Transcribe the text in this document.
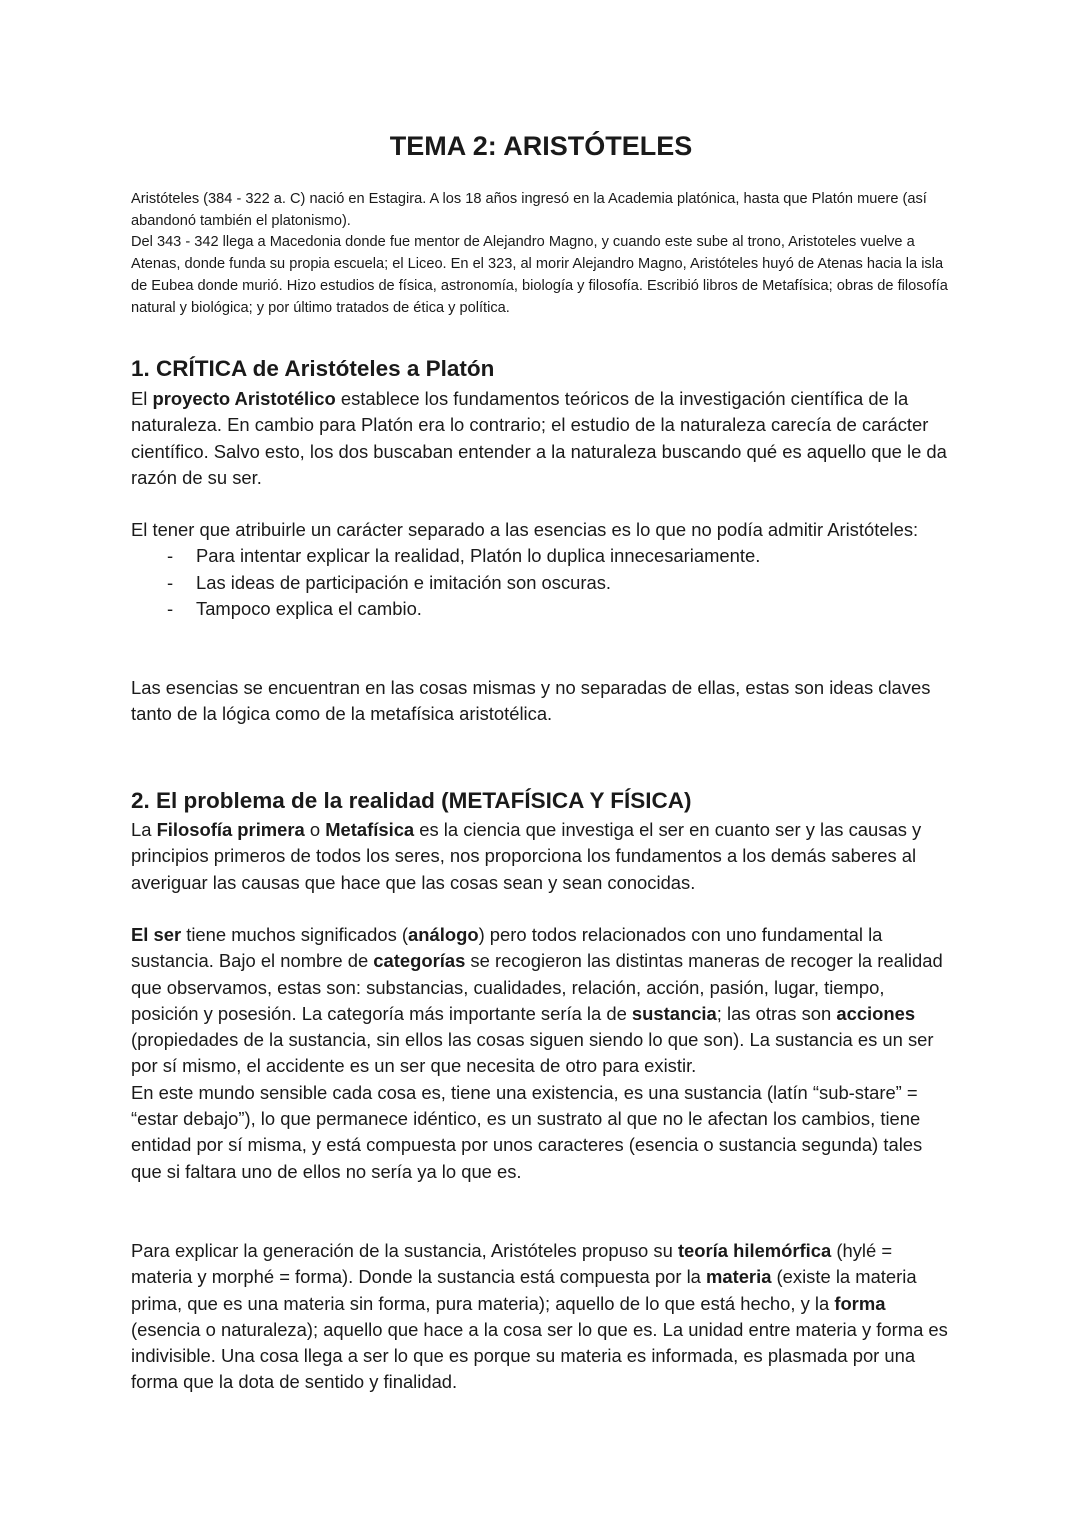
TEMA 2: ARISTÓTELES

Aristóteles (384 - 322 a. C) nació en Estagira. A los 18 años ingresó en la Academia platónica, hasta que Platón muere (así abandonó también el platonismo).

Del 343 - 342 llega a Macedonia donde fue mentor de Alejandro Magno, y cuando este sube al trono, Aristoteles vuelve a Atenas, donde funda su propia escuela; el Liceo. En el 323, al morir Alejandro Magno, Aristóteles huyó de Atenas hacia la isla de Eubea donde murió. Hizo estudios de física, astronomía, biología y filosofía. Escribió libros de Metafísica; obras de filosofía natural y biológica; y por último tratados de ética y política.

1. CRÍTICA de Aristóteles a Platón

El proyecto Aristotélico establece los fundamentos teóricos de la investigación científica de la naturaleza. En cambio para Platón era lo contrario; el estudio de la naturaleza carecía de carácter científico. Salvo esto, los dos buscaban entender a la naturaleza buscando qué es aquello que le da razón de su ser.

El tener que atribuirle un carácter separado a las esencias es lo que no podía admitir Aristóteles:

- Para intentar explicar la realidad, Platón lo duplica innecesariamente.
- Las ideas de participación e imitación son oscuras.
- Tampoco explica el cambio.

Las esencias se encuentran en las cosas mismas y no separadas de ellas, estas son ideas claves tanto de la lógica como de la metafísica aristotélica.

2. El problema de la realidad (METAFÍSICA Y FÍSICA)

La Filosofía primera o Metafísica es la ciencia que investiga el ser en cuanto ser y las causas y principios primeros de todos los seres, nos proporciona los fundamentos a los demás saberes al averiguar las causas que hace que las cosas sean y sean conocidas.

El ser tiene muchos significados (análogo) pero todos relacionados con uno fundamental la sustancia. Bajo el nombre de categorías se recogieron las distintas maneras de recoger la realidad que observamos, estas son: substancias, cualidades, relación, acción, pasión, lugar, tiempo, posición y posesión. La categoría más importante sería la de sustancia; las otras son acciones (propiedades de la sustancia, sin ellos las cosas siguen siendo lo que son). La sustancia es un ser por sí mismo, el accidente es un ser que necesita de otro para existir.

En este mundo sensible cada cosa es, tiene una existencia, es una sustancia (latín “sub-stare” = “estar debajo”), lo que permanece idéntico, es un sustrato al que no le afectan los cambios, tiene entidad por sí misma, y está compuesta por unos caracteres (esencia o sustancia segunda) tales que si faltara uno de ellos no sería ya lo que es.

Para explicar la generación de la sustancia, Aristóteles propuso su teoría hilemórfica (hylé = materia y morphé = forma). Donde la sustancia está compuesta por la materia (existe la materia prima, que es una materia sin forma, pura materia); aquello de lo que está hecho, y la forma (esencia o naturaleza); aquello que hace a la cosa ser lo que es. La unidad entre materia y forma es indivisible. Una cosa llega a ser lo que es porque su materia es informada, es plasmada por una forma que la dota de sentido y finalidad.
